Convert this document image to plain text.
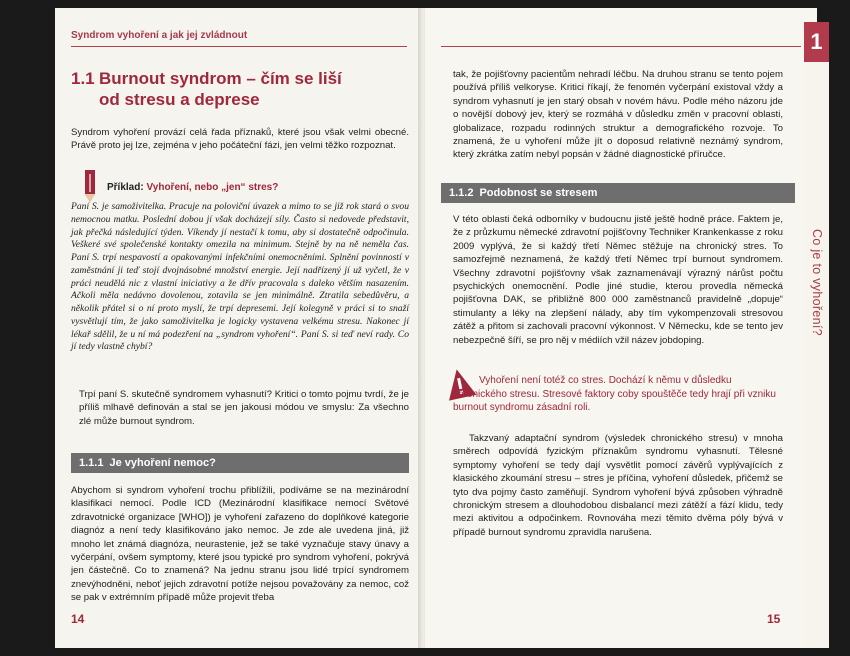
Syndrom vyhoření a jak jej zvládnout
1.1 Burnout syndrom – čím se liší
od stresu a deprese
Syndrom vyhoření provází celá řada příznaků, které jsou však velmi obecné. Právě proto jej lze, zejména v jeho počáteční fázi, jen velmi těžko rozpoznat.
Příklad: Vyhoření, nebo „jen“ stres?
Paní S. je samoživitelka. Pracuje na poloviční úvazek a mimo to se již rok stará o svou nemocnou matku. Poslední dobou jí však docházejí síly. Často si nedovede představit, jak přečká následující týden. Víkendy jí nestačí k tomu, aby si dostatečně odpočinula. Veškeré své společenské kontakty omezila na minimum. Stejně by na ně neměla čas. Paní S. trpí nespavostí a opakovanými infekčními onemocněními. Splnění povinností v zaměstnání ji teď stojí dvojnásobné množství energie. Její nadřízený jí už vyčetl, že v práci neudělá nic z vlastní iniciativy a že dřív pracovala s daleko větším nasazením. Ačkoli měla nedávno dovolenou, zotavila se jen minimálně. Ztratila sebedůvěru, a několik přátel si o ní proto myslí, že trpí depresemi. Její kolegyně v práci si to snaží vysvětlují tím, že jako samoživitelka je logicky vystavena velkému stresu. Nakonec jí lékař sdělil, že u ní má podezření na „syndrom vyhoření“. Paní S. si teď neví rady. Co jí tedy vlastně chybí?
Trpí paní S. skutečně syndromem vyhasnutí? Kritici o tomto pojmu tvrdí, že je příliš mlhavě definován a stal se jen jakousi módou ve smyslu: Za všechno zlé může burnout syndrom.
1.1.1 Je vyhoření nemoc?
Abychom si syndrom vyhoření trochu přiblížili, podíváme se na mezinárodní klasifikaci nemocí. Podle ICD (Mezinárodní klasifikace nemocí Světové zdravotnické organizace [WHO]) je vyhoření zařazeno do doplňkové kategorie diagnóz a není tedy klasifikováno jako nemoc. Je zde ale uvedena jiná, již mnoho let známá diagnóza, neurastenie, jež se také vyznačuje stavy únavy a vyčerpání, ovšem symptomy, které jsou typické pro syndrom vyhoření, pokrývá jen částečně. Co to znamená? Na jednu stranu jsou lidé trpící syndromem znevýhodněni, neboť jejich zdravotní potíže nejsou považovány za nemoc, což se pak v extrémním případě může projevit třeba
14
tak, že pojišťovny pacientům nehradí léčbu. Na druhou stranu se tento pojem používá příliš velkoryse. Kritici říkají, že fenomén vyčerpání existoval vždy a syndrom vyhasnutí je jen starý obsah v novém hávu. Podle mého názoru jde o novější dobový jev, který se rozmáhá v důsledku změn v pracovní oblasti, globalizace, rozpadu rodinných struktur a demografického rozvoje. To znamená, že u vyhoření může jít o doposud relativně neznámý syndrom, který zkrátka zatím nebyl popsán v žádné diagnostické příručce.
1.1.2 Podobnost se stresem
V této oblasti čeká odborníky v budoucnu jistě ještě hodně práce. Faktem je, že z průzkumu německé zdravotní pojišťovny Techniker Krankenkasse z roku 2009 vyplývá, že si každý třetí Němec stěžuje na chronický stres. To samozřejmě neznamená, že každý třetí Němec trpí burnout syndromem. Všechny zdravotní pojišťovny však zaznamenávají výrazný nárůst počtu psychických onemocnění. Podle jiné studie, kterou provedla německá pojišťovna DAK, se přibližně 800 000 zaměstnanců pravidelně „dopuje“ stimulanty a léky na zlepšení nálady, aby tím vykompenzovali stresovou zátěž a přitom si zachovali pracovní výkonnost. V Německu, kde se tento jev nebezpečně šíří, se pro něj v médiích vžil název jobdoping.
Vyhoření není totéž co stres. Dochází k němu v důsledku chronického stresu. Stresové faktory coby spouštěče tedy hrají při vzniku burnout syndromu zásadní roli.
Takzvaný adaptační syndrom (výsledek chronického stresu) v mnoha směrech odpovídá fyzickým příznakům syndromu vyhasnutí. Tělesné symptomy vyhoření se tedy dají vysvětlit pomocí závěrů vyplývajících z klasického zkoumání stresu – stres je příčina, vyhoření důsledek, přičemž se tyto dva pojmy často zaměňují. Syndrom vyhoření bývá způsoben výhradně chronickým stresem a dlouhodobou disbalancí mezi zátěží a fází klidu, tedy mezi aktivitou a odpočinkem. Rovnováha mezi těmito dvěma póly bývá v případě burnout syndromu zpravidla narušena.
15
Co je to vyhoření?
1
